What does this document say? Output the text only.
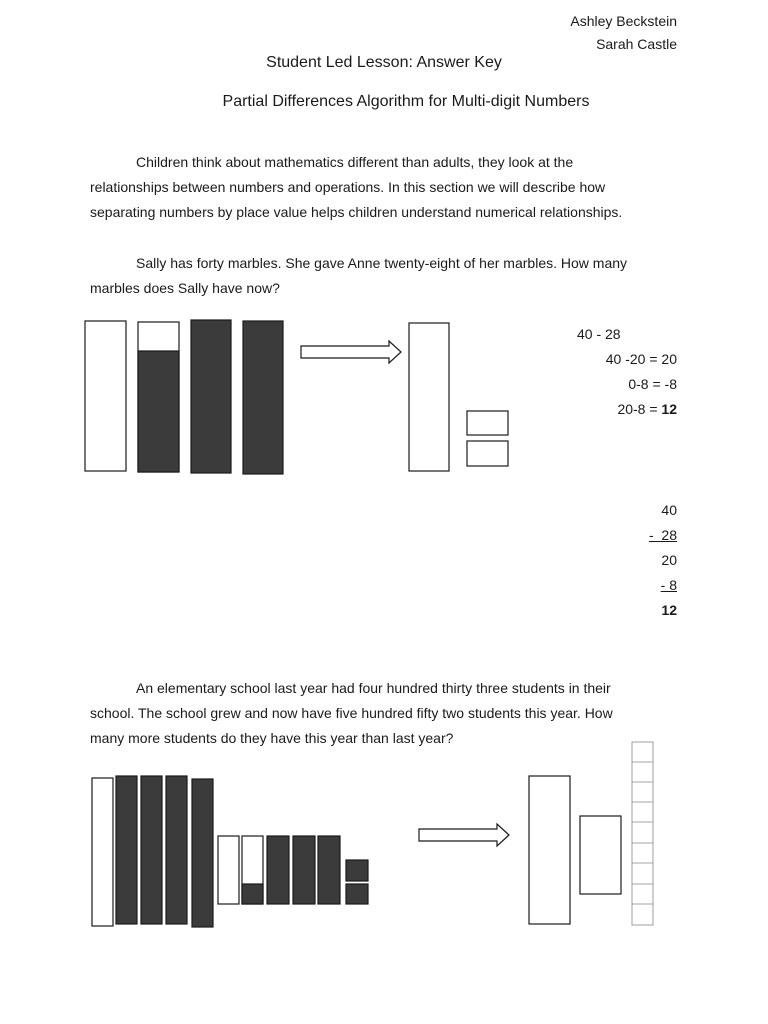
Ashley Beckstein
Sarah Castle
Student Led Lesson: Answer Key
Partial Differences Algorithm for Multi-digit Numbers
Children think about mathematics different than adults, they look at the
relationships between numbers and operations. In this section we will describe how
separating numbers by place value helps children understand numerical relationships.
Sally has forty marbles. She gave Anne twenty-eight of her marbles. How many
marbles does Sally have now?
40 - 28
40 -20 = 20
0-8 = -8
20-8 = 12
40
-  28
20
- 8
12
An elementary school last year had four hundred thirty three students in their
school. The school grew and now have five hundred fifty two students this year. How
many more students do they have this year than last year?
